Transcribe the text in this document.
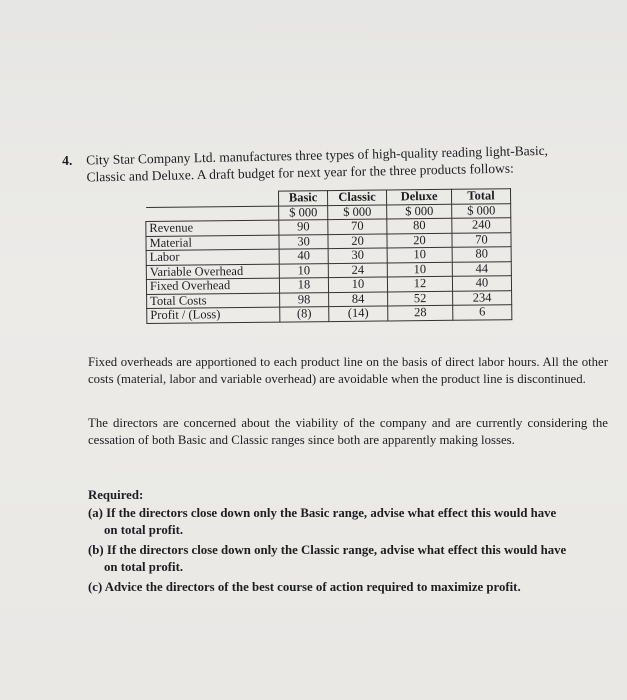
4. City Star Company Ltd. manufactures three types of high-quality reading light-Basic,
Classic and Deluxe. A draft budget for next year for the three products follows:
	Basic	Classic	Deluxe	Total
	$ 000	$ 000	$ 000	$ 000
Revenue	90	70	80	240
Material	30	20	20	70
Labor	40	30	10	80
Variable Overhead	10	24	10	44
Fixed Overhead	18	10	12	40
Total Costs	98	84	52	234
Profit / (Loss)	(8)	(14)	28	6
Fixed overheads are apportioned to each product line on the basis of direct labor hours. All the other costs (material, labor and variable overhead) are avoidable when the product line is discontinued.
The directors are concerned about the viability of the company and are currently considering the cessation of both Basic and Classic ranges since both are apparently making losses.
Required:
(a) If the directors close down only the Basic range, advise what effect this would have
on total profit.
(b) If the directors close down only the Classic range, advise what effect this would have
on total profit.
(c) Advice the directors of the best course of action required to maximize profit.
